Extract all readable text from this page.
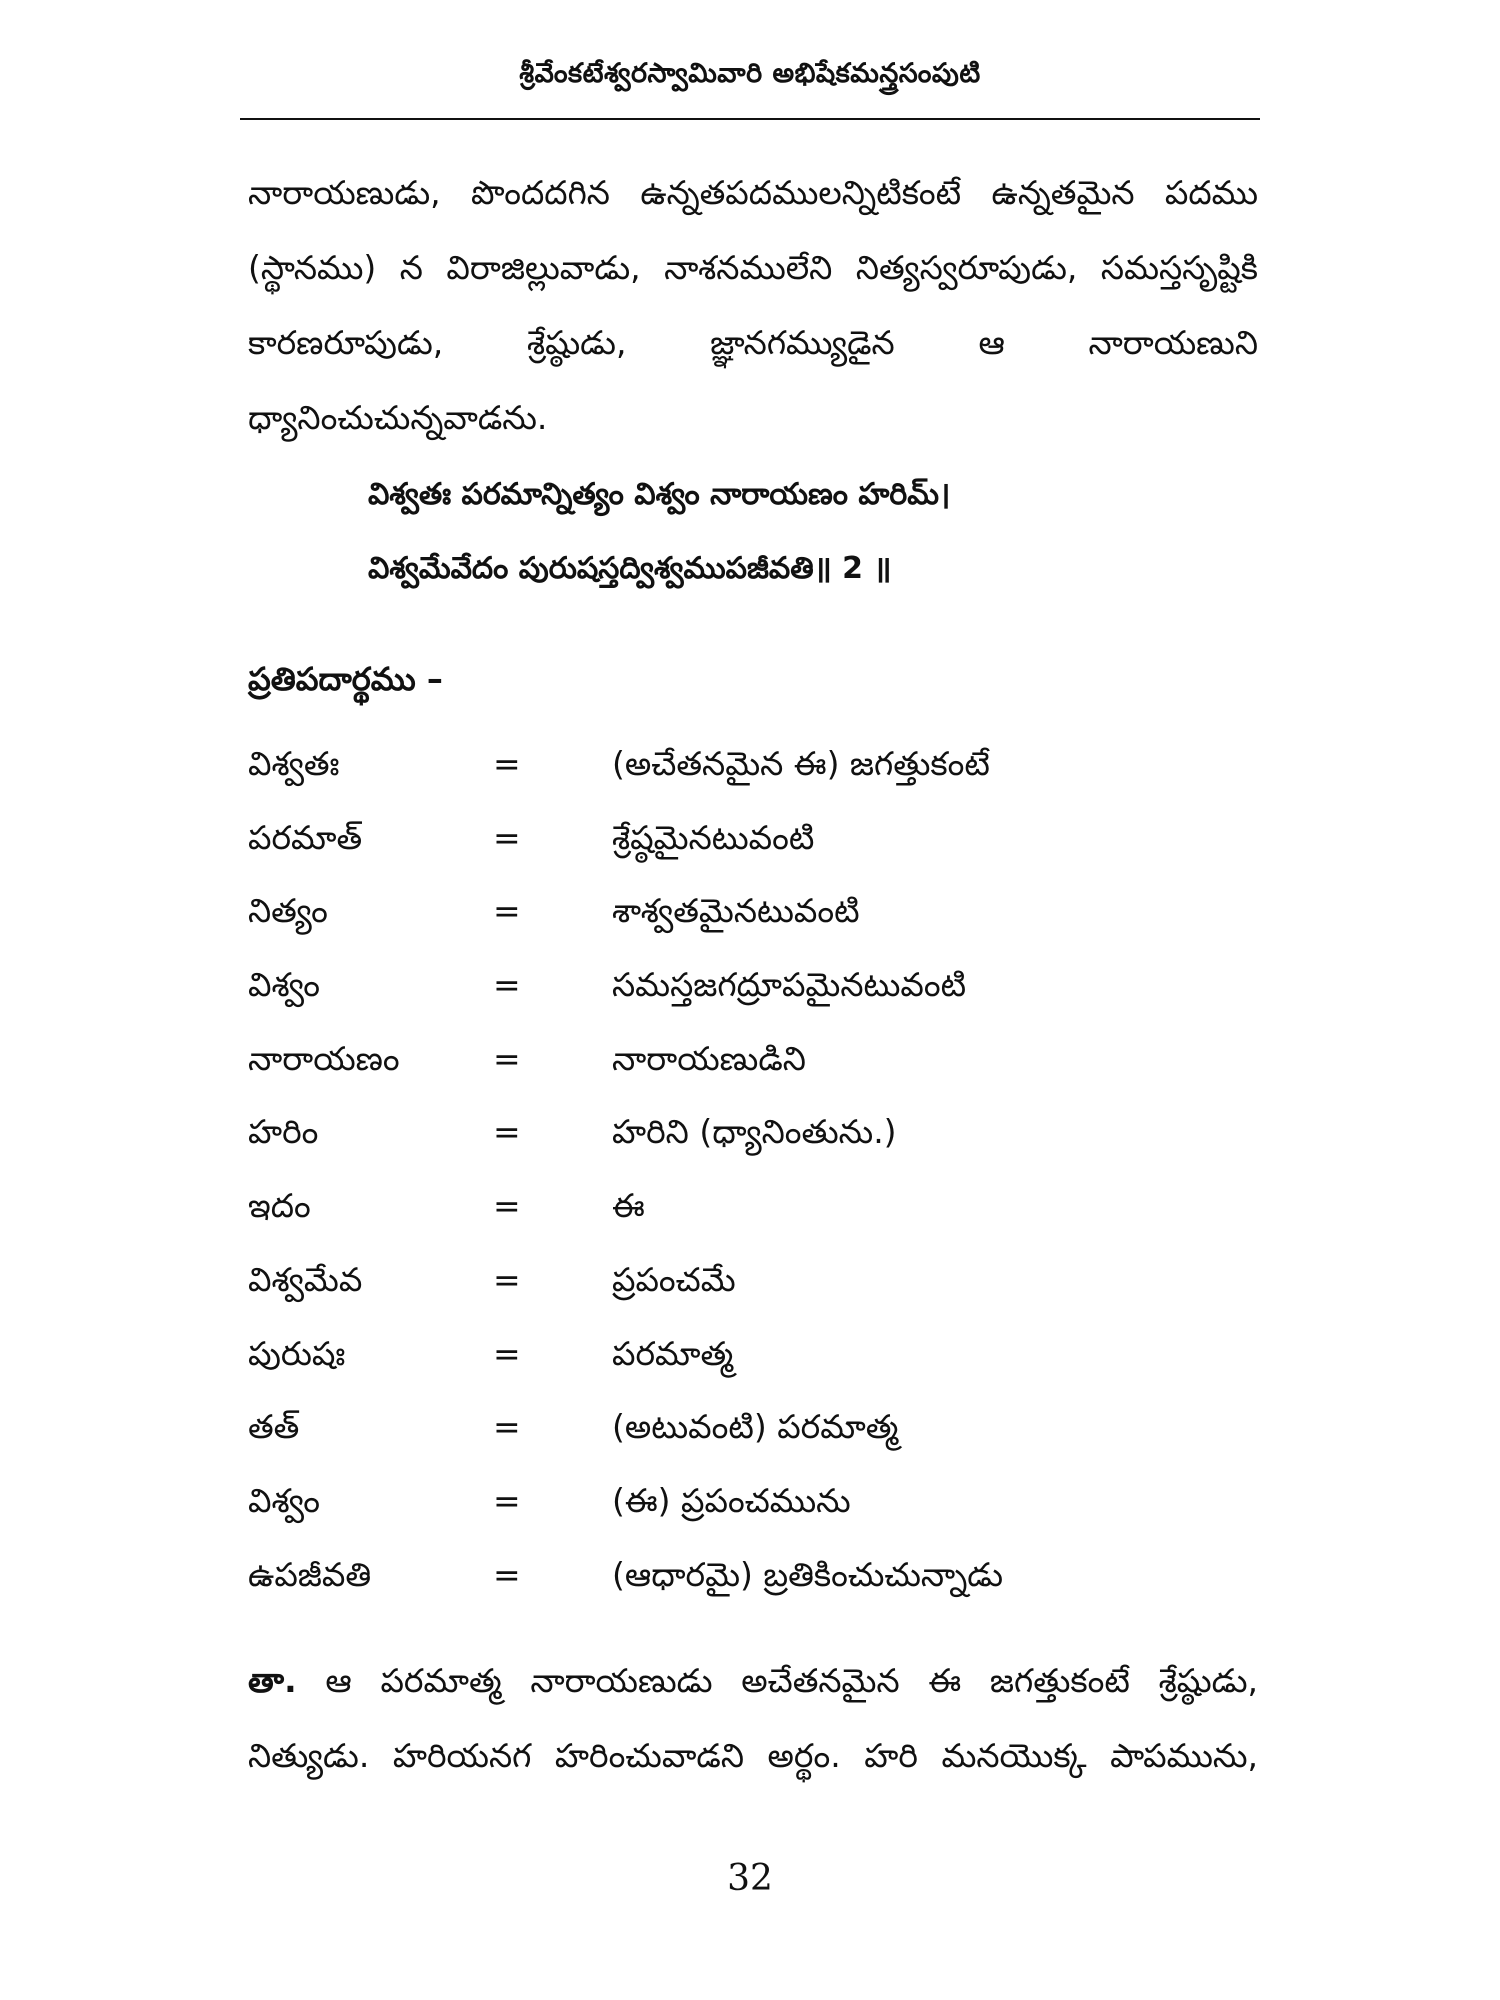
శ్రీవేంకటేశ్వరస్వామివారి అభిషేకమన్త్రసంపుటి
నారాయణుడు, పొందదగిన ఉన్నతపదములన్నిటికంటే ఉన్నతమైన పదము
(స్థానము) న విరాజిల్లువాడు, నాశనములేని నిత్యస్వరూపుడు, సమస్తసృష్టికి
కారణరూపుడు, శ్రేష్ఠుడు, జ్ఞానగమ్యుడైన ఆ నారాయణుని
ధ్యానించుచున్నవాడను.
విశ్వతః పరమాన్నిత్యం విశ్వం నారాయణం హరిమ్।
విశ్వమేవేదం పురుషస్తద్విశ్వముపజీవతి॥ 2 ॥
ప్రతిపదార్థము –
విశ్వతః	=	(అచేతనమైన ఈ) జగత్తుకంటే
పరమాత్	=	శ్రేష్ఠమైనటువంటి
నిత్యం	=	శాశ్వతమైనటువంటి
విశ్వం	=	సమస్తజగద్రూపమైనటువంటి
నారాయణం	=	నారాయణుడిని
హరిం	=	హరిని (ధ్యానింతును.)
ఇదం	=	ఈ
విశ్వమేవ	=	ప్రపంచమే
పురుషః	=	పరమాత్మ
తత్	=	(అటువంటి) పరమాత్మ
విశ్వం	=	(ఈ) ప్రపంచమును
ఉపజీవతి	=	(ఆధారమై) బ్రతికించుచున్నాడు
తా. ఆ పరమాత్మ నారాయణుడు అచేతనమైన ఈ జగత్తుకంటే శ్రేష్ఠుడు,
నిత్యుడు. హరియనగ హరించువాడని అర్థం. హరి మనయొక్క పాపమును,
32
